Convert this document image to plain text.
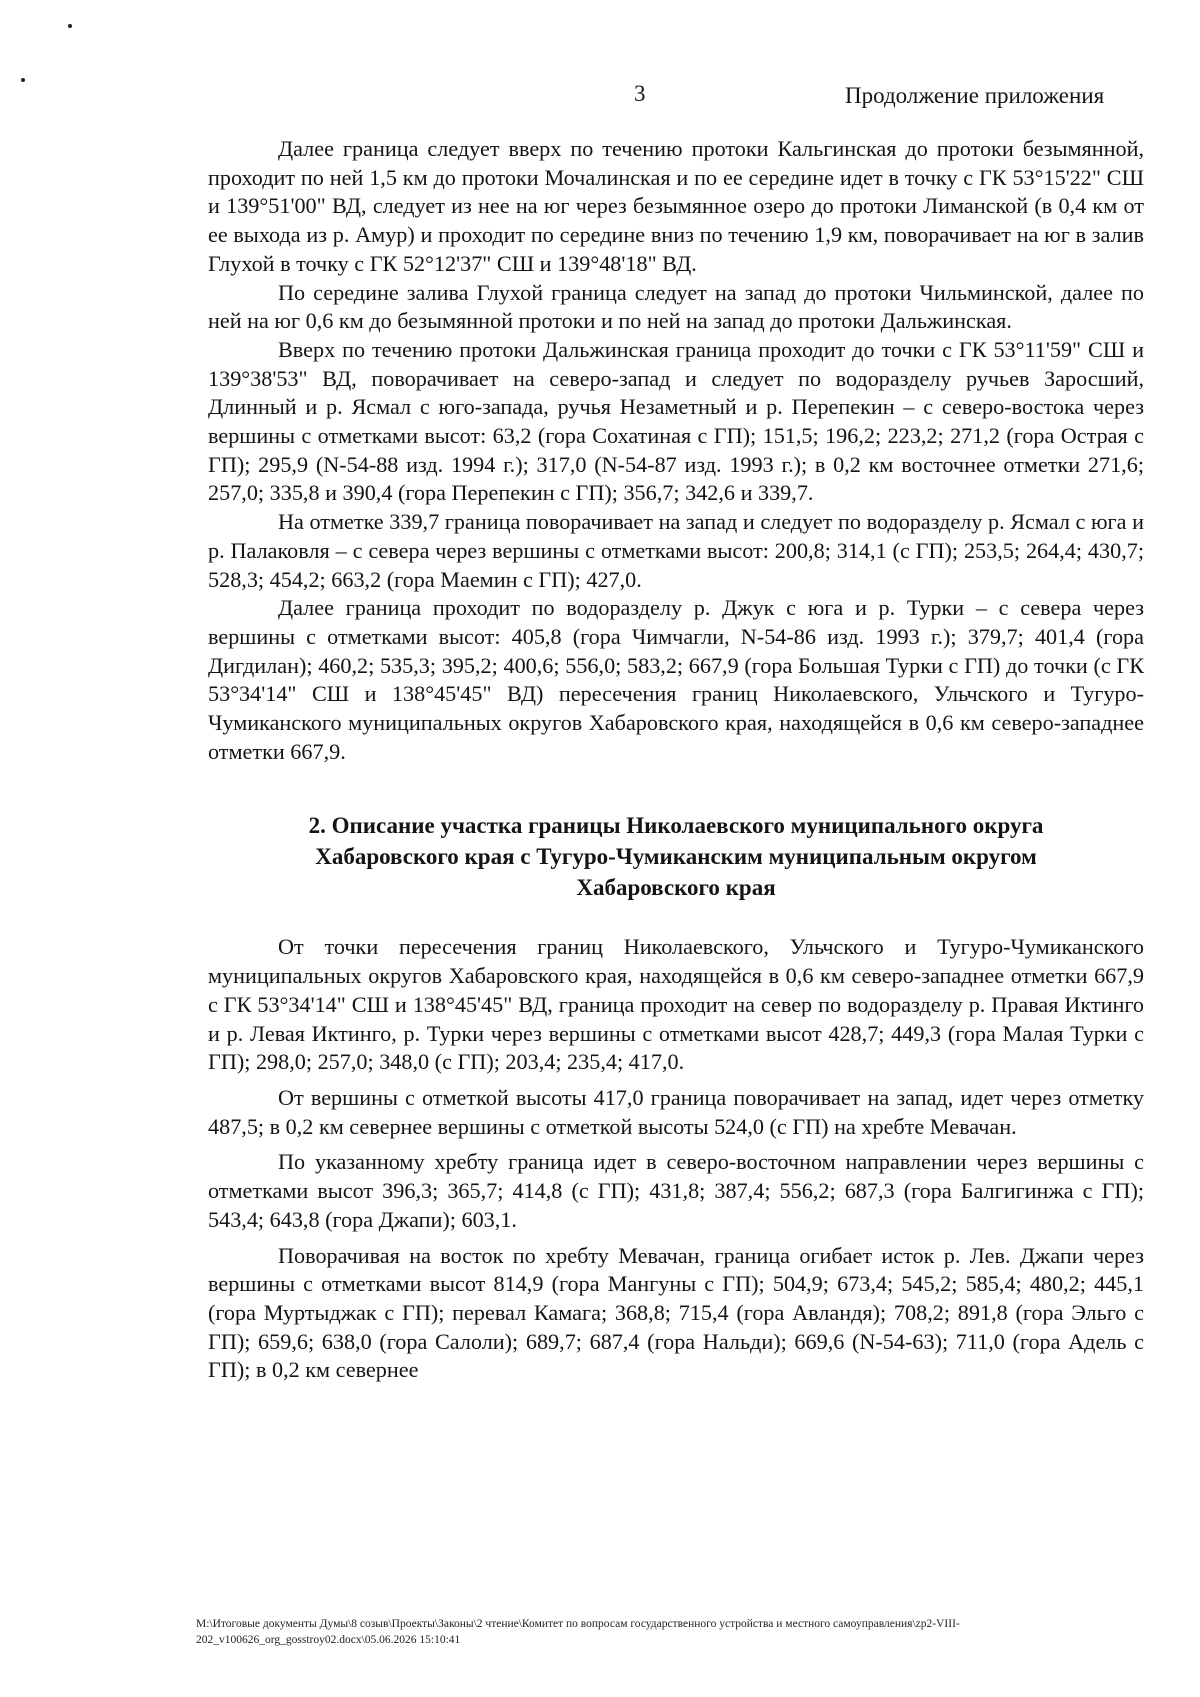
3	Продолжение приложения

Далее граница следует вверх по течению протоки Кальгинская до протоки безымянной, проходит по ней 1,5 км до протоки Мочалинская и по ее середине идет в точку с ГК 53°15'22" СШ и 139°51'00" ВД, следует из нее на юг через безымянное озеро до протоки Лиманской (в 0,4 км от ее выхода из р. Амур) и проходит по середине вниз по течению 1,9 км, поворачивает на юг в залив Глухой в точку с ГК 52°12'37" СШ и 139°48'18" ВД.

По середине залива Глухой граница следует на запад до протоки Чильминской, далее по ней на юг 0,6 км до безымянной протоки и по ней на запад до протоки Дальжинская.

Вверх по течению протоки Дальжинская граница проходит до точки с ГК 53°11'59" СШ и 139°38'53" ВД, поворачивает на северо-запад и следует по водоразделу ручьев Заросший, Длинный и р. Ясмал с юго-запада, ручья Незаметный и р. Перепекин – с северо-востока через вершины с отметками высот: 63,2 (гора Сохатиная с ГП); 151,5; 196,2; 223,2; 271,2 (гора Острая с ГП); 295,9 (N-54-88 изд. 1994 г.); 317,0 (N-54-87 изд. 1993 г.); в 0,2 км восточнее отметки 271,6; 257,0; 335,8 и 390,4 (гора Перепекин с ГП); 356,7; 342,6 и 339,7.

На отметке 339,7 граница поворачивает на запад и следует по водоразделу р. Ясмал с юга и р. Палаковля – с севера через вершины с отметками высот: 200,8; 314,1 (с ГП); 253,5; 264,4; 430,7; 528,3; 454,2; 663,2 (гора Маемин с ГП); 427,0.

Далее граница проходит по водоразделу р. Джук с юга и р. Турки – с севера через вершины с отметками высот: 405,8 (гора Чимчагли, N-54-86 изд. 1993 г.); 379,7; 401,4 (гора Дигдилан); 460,2; 535,3; 395,2; 400,6; 556,0; 583,2; 667,9 (гора Большая Турки с ГП) до точки (с ГК 53°34'14" СШ и 138°45'45" ВД) пересечения границ Николаевского, Ульчского и Тугуро-Чумиканского муниципальных округов Хабаровского края, находящейся в 0,6 км северо-западнее отметки 667,9.

2. Описание участка границы Николаевского муниципального округа
Хабаровского края с Тугуро-Чумиканским муниципальным округом
Хабаровского края

От точки пересечения границ Николаевского, Ульчского и Тугуро-Чумиканского муниципальных округов Хабаровского края, находящейся в 0,6 км северо-западнее отметки 667,9 с ГК 53°34'14" СШ и 138°45'45" ВД, граница проходит на север по водоразделу р. Правая Иктинго и р. Левая Иктинго, р. Турки через вершины с отметками высот 428,7; 449,3 (гора Малая Турки с ГП); 298,0; 257,0; 348,0 (с ГП); 203,4; 235,4; 417,0.

От вершины с отметкой высоты 417,0 граница поворачивает на запад, идет через отметку 487,5; в 0,2 км севернее вершины с отметкой высоты 524,0 (с ГП) на хребте Мевачан.

По указанному хребту граница идет в северо-восточном направлении через вершины с отметками высот 396,3; 365,7; 414,8 (с ГП); 431,8; 387,4; 556,2; 687,3 (гора Балгигинжа с ГП); 543,4; 643,8 (гора Джапи); 603,1.

Поворачивая на восток по хребту Мевачан, граница огибает исток р. Лев. Джапи через вершины с отметками высот 814,9 (гора Мангуны с ГП); 504,9; 673,4; 545,2; 585,4; 480,2; 445,1 (гора Муртыджак с ГП); перевал Камага; 368,8; 715,4 (гора Авландя); 708,2; 891,8 (гора Эльго с ГП); 659,6; 638,0 (гора Салоли); 689,7; 687,4 (гора Нальди); 669,6 (N-54-63); 711,0 (гора Адель с ГП); в 0,2 км севернее

M:\Итоговые документы Думы\8 созыв\Проекты\Законы\2 чтение\Комитет по вопросам государственного устройства и местного самоуправления\zp2-VIII-202_v100626_org_gosstroy02.docx\05.06.2026 15:10:41
